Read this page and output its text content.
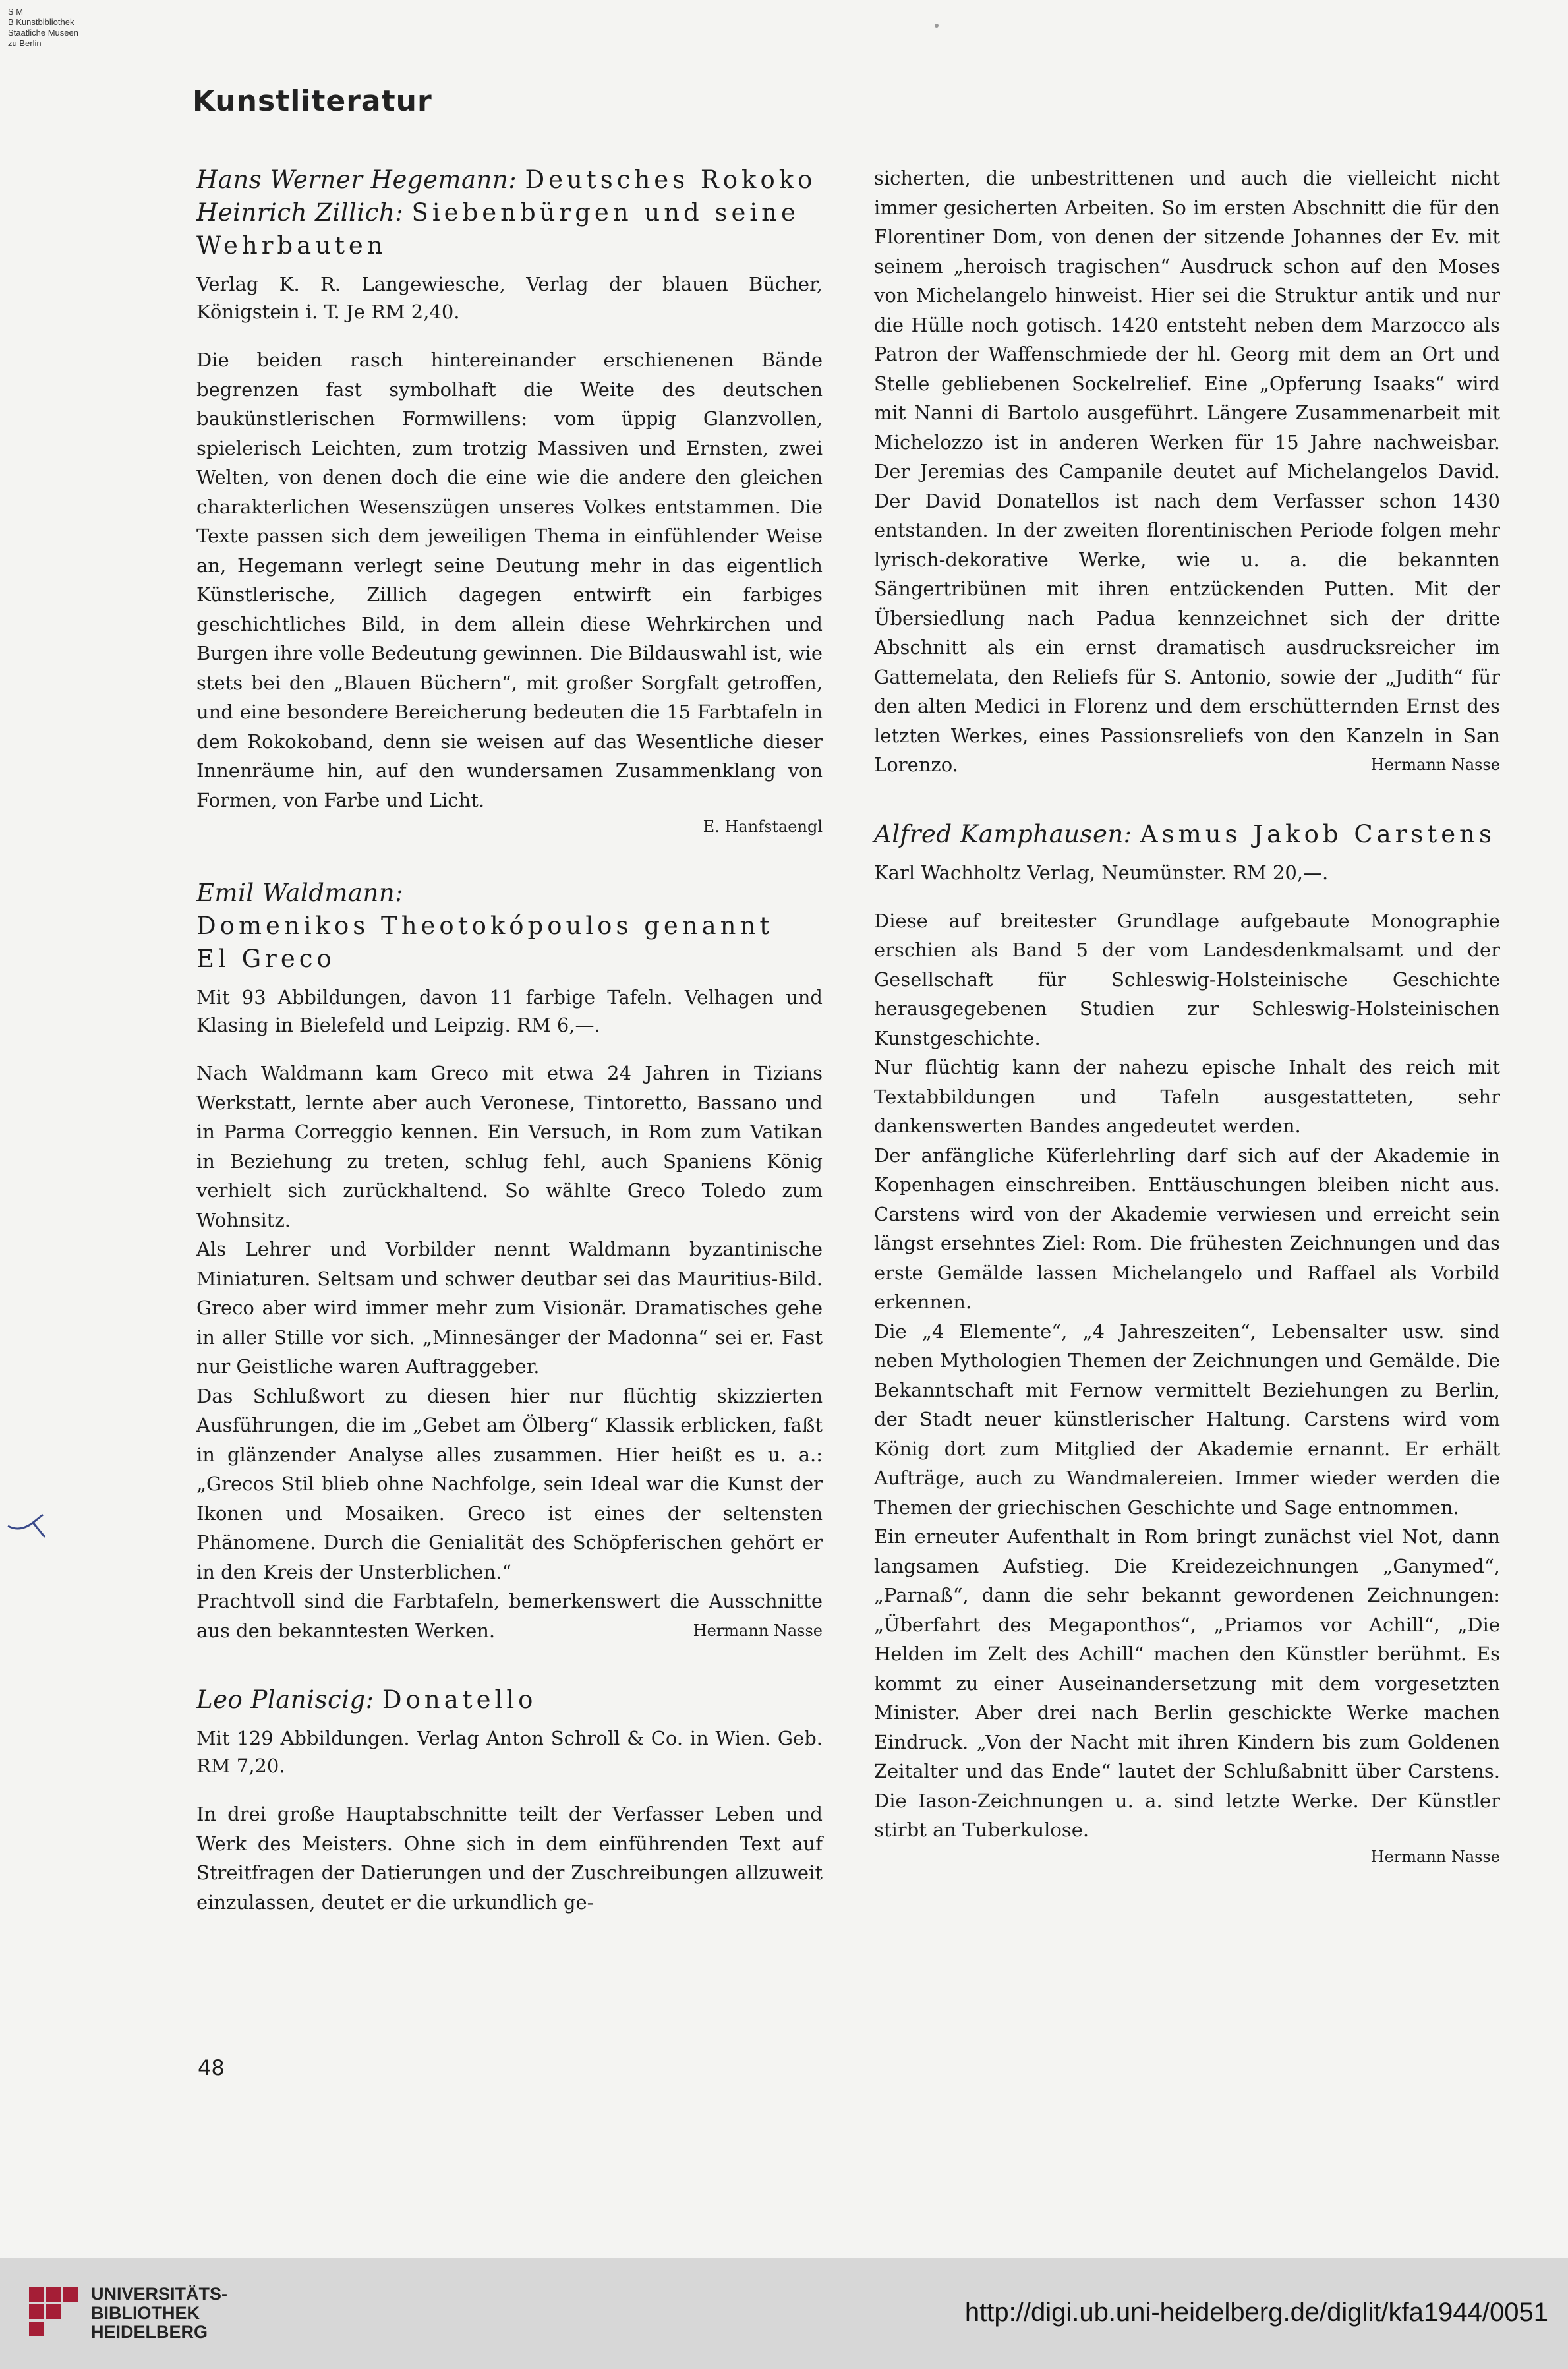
S M
B Kunstbibliothek
Staatliche Museen
zu Berlin
Kunstliteratur

Hans Werner Hegemann: Deutsches Rokoko

Heinrich Zillich: Siebenbürgen und seine Wehrbauten

Verlag K. R. Langewiesche, Verlag der blauen Bücher, Königstein i. T. Je RM 2,40.

Die beiden rasch hintereinander erschienenen Bände begrenzen fast symbolhaft die Weite des deutschen baukünstlerischen Formwillens: vom üppig Glanzvollen, spielerisch Leichten, zum trotzig Massiven und Ernsten, zwei Welten, von denen doch die eine wie die andere den gleichen charakterlichen Wesenszügen unseres Volkes entstammen. Die Texte passen sich dem jeweiligen Thema in einfühlender Weise an, Hegemann verlegt seine Deutung mehr in das eigentlich Künstlerische, Zillich dagegen entwirft ein farbiges geschichtliches Bild, in dem allein diese Wehrkirchen und Burgen ihre volle Bedeutung gewinnen. Die Bildauswahl ist, wie stets bei den „Blauen Büchern“, mit großer Sorgfalt getroffen, und eine besondere Bereicherung bedeuten die 15 Farbtafeln in dem Rokokoband, denn sie weisen auf das Wesentliche dieser Innenräume hin, auf den wundersamen Zusammenklang von Formen, von Farbe und Licht.

E. Hanfstaengl

Emil Waldmann:

Domenikos Theotokópoulos genannt

El Greco

Mit 93 Abbildungen, davon 11 farbige Tafeln. Velhagen und Klasing in Bielefeld und Leipzig. RM 6,—.

Nach Waldmann kam Greco mit etwa 24 Jahren in Tizians Werkstatt, lernte aber auch Veronese, Tintoretto, Bassano und in Parma Correggio kennen. Ein Versuch, in Rom zum Vatikan in Beziehung zu treten, schlug fehl, auch Spaniens König verhielt sich zurückhaltend. So wählte Greco Toledo zum Wohnsitz.

Als Lehrer und Vorbilder nennt Waldmann byzantinische Miniaturen. Seltsam und schwer deutbar sei das Mauritius-Bild. Greco aber wird immer mehr zum Visionär. Dramatisches gehe in aller Stille vor sich. „Minnesänger der Madonna“ sei er. Fast nur Geistliche waren Auftraggeber.

Das Schlußwort zu diesen hier nur flüchtig skizzierten Ausführungen, die im „Gebet am Ölberg“ Klassik erblicken, faßt in glänzender Analyse alles zusammen. Hier heißt es u. a.: „Grecos Stil blieb ohne Nachfolge, sein Ideal war die Kunst der Ikonen und Mosaiken. Greco ist eines der seltensten Phänomene. Durch die Genialität des Schöpferischen gehört er in den Kreis der Unsterblichen.“

Prachtvoll sind die Farbtafeln, bemerkenswert die Ausschnitte aus den bekanntesten Werken.	Hermann Nasse

Leo Planiscig: Donatello

Mit 129 Abbildungen. Verlag Anton Schroll & Co. in Wien. Geb. RM 7,20.

In drei große Hauptabschnitte teilt der Verfasser Leben und Werk des Meisters. Ohne sich in dem einführenden Text auf Streitfragen der Datierungen und der Zuschreibungen allzuweit einzulassen, deutet er die urkundlich ge-

sicherten, die unbestrittenen und auch die vielleicht nicht immer gesicherten Arbeiten. So im ersten Abschnitt die für den Florentiner Dom, von denen der sitzende Johannes der Ev. mit seinem „heroisch tragischen“ Ausdruck schon auf den Moses von Michelangelo hinweist. Hier sei die Struktur antik und nur die Hülle noch gotisch. 1420 entsteht neben dem Marzocco als Patron der Waffenschmiede der hl. Georg mit dem an Ort und Stelle gebliebenen Sockelrelief. Eine „Opferung Isaaks“ wird mit Nanni di Bartolo ausgeführt. Längere Zusammenarbeit mit Michelozzo ist in anderen Werken für 15 Jahre nachweisbar. Der Jeremias des Campanile deutet auf Michelangelos David. Der David Donatellos ist nach dem Verfasser schon 1430 entstanden. In der zweiten florentinischen Periode folgen mehr lyrisch-dekorative Werke, wie u. a. die bekannten Sängertribünen mit ihren entzückenden Putten. Mit der Übersiedlung nach Padua kennzeichnet sich der dritte Abschnitt als ein ernst dramatisch ausdrucksreicher im Gattemelata, den Reliefs für S. Antonio, sowie der „Judith“ für den alten Medici in Florenz und dem erschütternden Ernst des letzten Werkes, eines Passionsreliefs von den Kanzeln in San Lorenzo.	Hermann Nasse

Alfred Kamphausen: Asmus Jakob Carstens

Karl Wachholtz Verlag, Neumünster. RM 20,—.

Diese auf breitester Grundlage aufgebaute Monographie erschien als Band 5 der vom Landesdenkmalsamt und der Gesellschaft für Schleswig-Holsteinische Geschichte herausgegebenen Studien zur Schleswig-Holsteinischen Kunstgeschichte.

Nur flüchtig kann der nahezu epische Inhalt des reich mit Textabbildungen und Tafeln ausgestatteten, sehr dankenswerten Bandes angedeutet werden.

Der anfängliche Küferlehrling darf sich auf der Akademie in Kopenhagen einschreiben. Enttäuschungen bleiben nicht aus. Carstens wird von der Akademie verwiesen und erreicht sein längst ersehntes Ziel: Rom. Die frühesten Zeichnungen und das erste Gemälde lassen Michelangelo und Raffael als Vorbild erkennen.

Die „4 Elemente“, „4 Jahreszeiten“, Lebensalter usw. sind neben Mythologien Themen der Zeichnungen und Gemälde. Die Bekanntschaft mit Fernow vermittelt Beziehungen zu Berlin, der Stadt neuer künstlerischer Haltung. Carstens wird vom König dort zum Mitglied der Akademie ernannt. Er erhält Aufträge, auch zu Wandmalereien. Immer wieder werden die Themen der griechischen Geschichte und Sage entnommen.

Ein erneuter Aufenthalt in Rom bringt zunächst viel Not, dann langsamen Aufstieg. Die Kreidezeichnungen „Ganymed“, „Parnaß“, dann die sehr bekannt gewordenen Zeichnungen: „Überfahrt des Megaponthos“, „Priamos vor Achill“, „Die Helden im Zelt des Achill“ machen den Künstler berühmt. Es kommt zu einer Auseinandersetzung mit dem vorgesetzten Minister. Aber drei nach Berlin geschickte Werke machen Eindruck. „Von der Nacht mit ihren Kindern bis zum Goldenen Zeitalter und das Ende“ lautet der Schlußabnitt über Carstens. Die Iason-Zeichnungen u. a. sind letzte Werke. Der Künstler stirbt an Tuberkulose.

Hermann Nasse

48
UNIVERSITÄTS-
BIBLIOTHEK
HEIDELBERG
http://digi.ub.uni-heidelberg.de/diglit/kfa1944/0051
